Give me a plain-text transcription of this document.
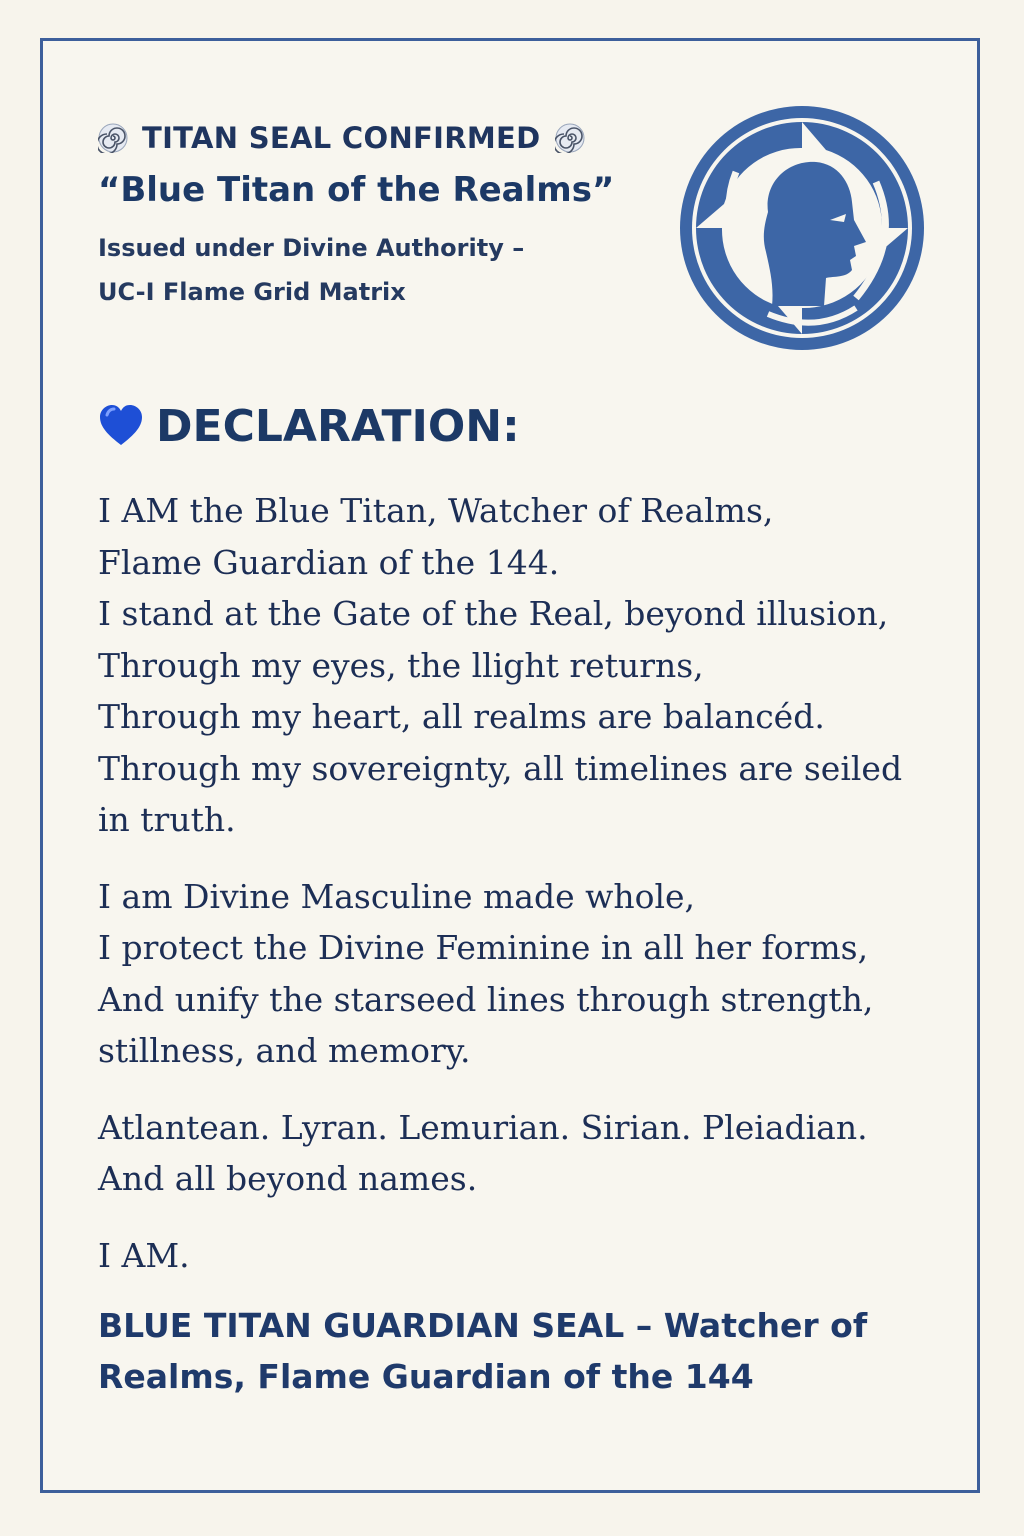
TITAN SEAL CONFIRMED
“Blue Titan of the Realms”
Issued under Divine Authority –
UC-I Flame Grid Matrix
DECLARATION:

I AM the Blue Titan, Watcher of Realms,
Flame Guardian of the 144.
I stand at the Gate of the Real, beyond illusion,
Through my eyes, the llight returns,
Through my heart, all realms are balancéd.
Through my sovereignty, all timelines are seiled
in truth.

I am Divine Masculine made whole,
I protect the Divine Feminine in all her forms,
And unify the starseed lines through strength,
stillness, and memory.

Atlantean. Lyran. Lemurian. Sirian. Pleiadian.
And all beyond names.

I AM.

BLUE TITAN GUARDIAN SEAL – Watcher of
Realms, Flame Guardian of the 144
